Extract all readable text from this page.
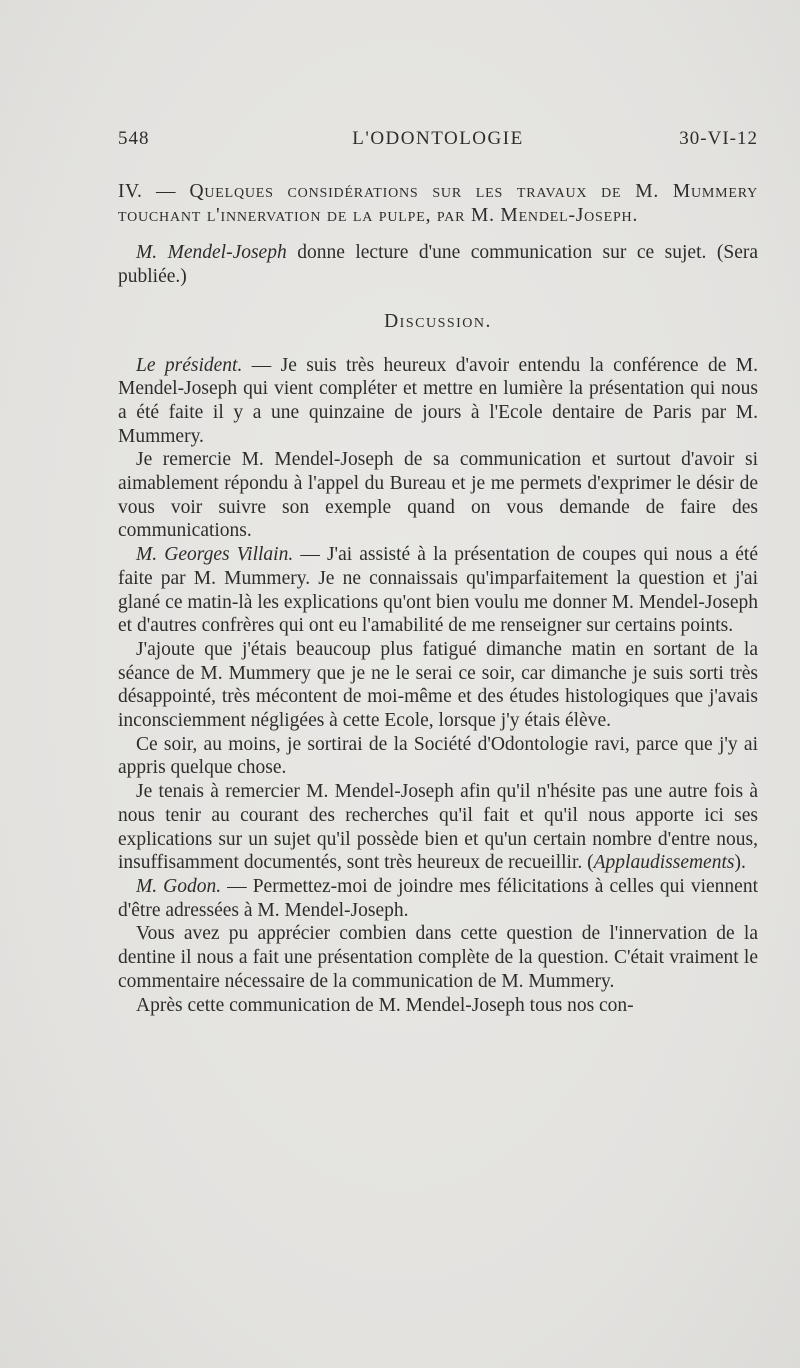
548	L'ODONTOLOGIE	30-VI-12

IV. — Quelques considérations sur les travaux de M. Mummery touchant l'innervation de la pulpe, par M. Mendel-Joseph.

M. Mendel-Joseph donne lecture d'une communication sur ce sujet. (Sera publiée.)

Discussion.

Le président. — Je suis très heureux d'avoir entendu la conférence de M. Mendel-Joseph qui vient compléter et mettre en lumière la présentation qui nous a été faite il y a une quinzaine de jours à l'Ecole dentaire de Paris par M. Mummery.

Je remercie M. Mendel-Joseph de sa communication et surtout d'avoir si aimablement répondu à l'appel du Bureau et je me permets d'exprimer le désir de vous voir suivre son exemple quand on vous demande de faire des communications.

M. Georges Villain. — J'ai assisté à la présentation de coupes qui nous a été faite par M. Mummery. Je ne connaissais qu'imparfaitement la question et j'ai glané ce matin-là les explications qu'ont bien voulu me donner M. Mendel-Joseph et d'autres confrères qui ont eu l'amabilité de me renseigner sur certains points.

J'ajoute que j'étais beaucoup plus fatigué dimanche matin en sortant de la séance de M. Mummery que je ne le serai ce soir, car dimanche je suis sorti très désappointé, très mécontent de moi-même et des études histologiques que j'avais inconsciemment négligées à cette Ecole, lorsque j'y étais élève.

Ce soir, au moins, je sortirai de la Société d'Odontologie ravi, parce que j'y ai appris quelque chose.

Je tenais à remercier M. Mendel-Joseph afin qu'il n'hésite pas une autre fois à nous tenir au courant des recherches qu'il fait et qu'il nous apporte ici ses explications sur un sujet qu'il possède bien et qu'un certain nombre d'entre nous, insuffisamment documentés, sont très heureux de recueillir. (Applaudissements).

M. Godon. — Permettez-moi de joindre mes félicitations à celles qui viennent d'être adressées à M. Mendel-Joseph.

Vous avez pu apprécier combien dans cette question de l'innervation de la dentine il nous a fait une présentation complète de la question. C'était vraiment le commentaire nécessaire de la communication de M. Mummery.

Après cette communication de M. Mendel-Joseph tous nos con-
